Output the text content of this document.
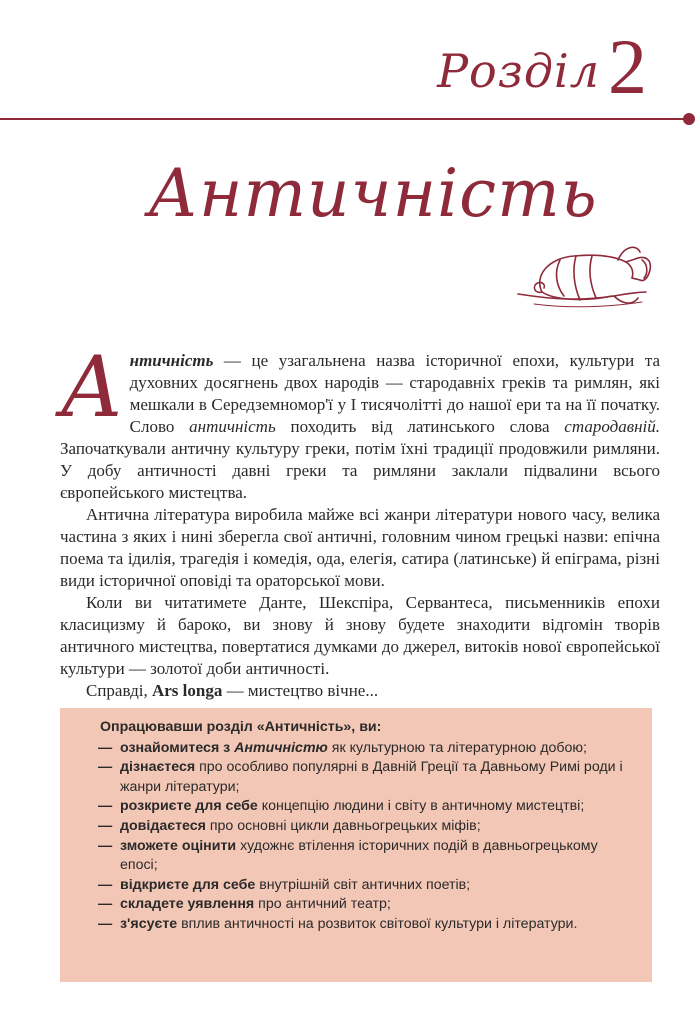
Розділ 2
Античність

Античність — це узагальнена назва історичної епохи, культури та духовних досягнень двох народів — стародавніх греків та римлян, які мешкали в Середземномор'ї у I тисячолітті до нашої ери та на її початку. Слово античність походить від латинського слова стародавній. Започаткували античну культуру греки, потім їхні традиції продовжили римляни. У добу античності давні греки та римляни заклали підвалини всього європейського мистецтва.

Антична література виробила майже всі жанри літератури нового часу, велика частина з яких і нині зберегла свої античні, головним чином грецькі назви: епічна поема та ідилія, трагедія і комедія, ода, елегія, сатира (латинське) й епіграма, різні види історичної оповіді та ораторської мови.

Коли ви читатимете Данте, Шекспіра, Сервантеса, письменників епохи класицизму й бароко, ви знову й знову будете знаходити відгомін творів античного мистецтва, повертатися думками до джерел, витоків нової європейської культури — золотої доби античності.

Справді, Ars longa — мистецтво вічне...

Опрацювавши розділ «Античність», ви:
— ознайомитеся з Античністю як культурною та літературною добою;
— дізнаєтеся про особливо популярні в Давній Греції та Давньому Римі роди і жанри літератури;
— розкриєте для себе концепцію людини і світу в античному мистецтві;
— довідаєтеся про основні цикли давньогрецьких міфів;
— зможете оцінити художнє втілення історичних подій в давньогрецькому епосі;
— відкриєте для себе внутрішній світ античних поетів;
— складете уявлення про античний театр;
— з'ясуєте вплив античності на розвиток світової культури і літератури.
